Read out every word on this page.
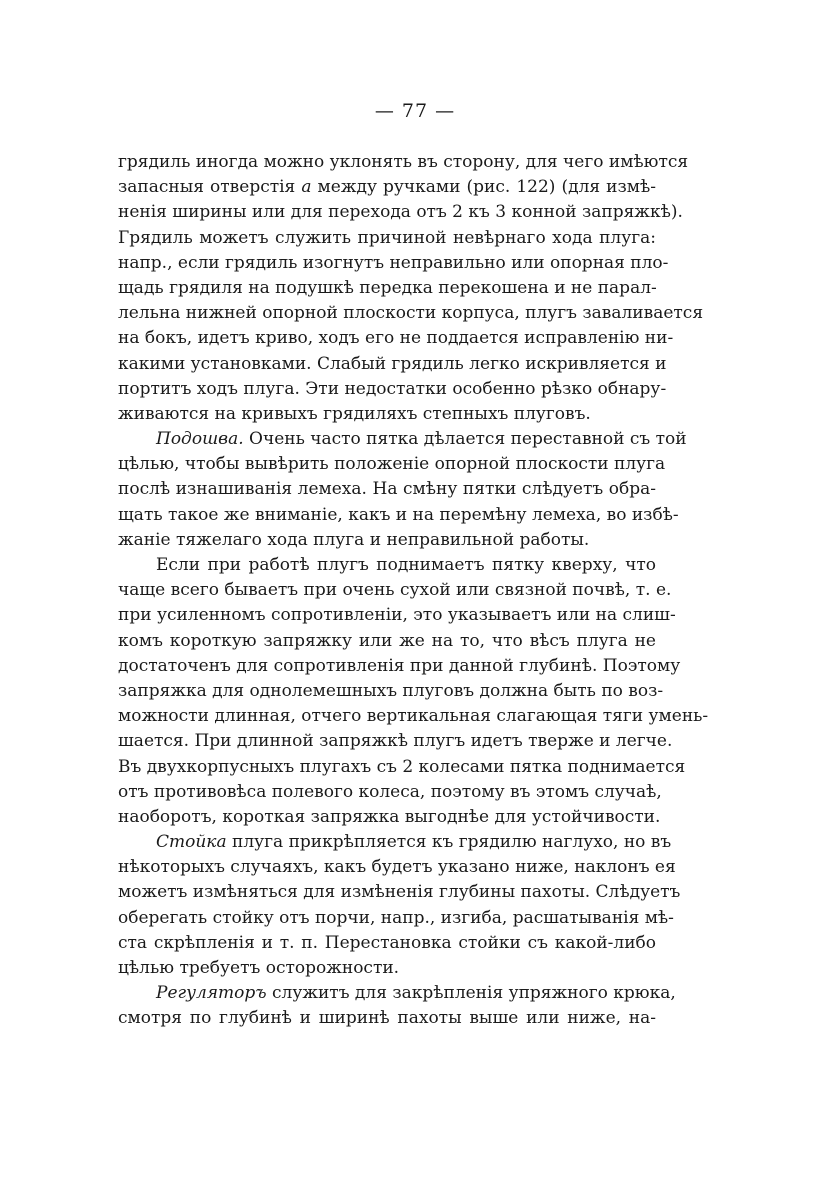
— 77 —
грядиль иногда можно уклонять въ сторону, для чего имѣются
запасныя отверстія а между ручками (рис. 122) (для измѣ-
ненія ширины или для перехода отъ 2 къ 3 конной запряжкѣ).
Грядиль можетъ служить причиной невѣрнаго хода плуга:
напр., если грядиль изогнутъ неправильно или опорная пло-
щадь грядиля на подушкѣ передка перекошена и не парал-
лельна нижней опорной плоскости корпуса, плугъ заваливается
на бокъ, идетъ криво, ходъ его не поддается исправленію ни-
какими установками. Слабый грядиль легко искривляется и
портитъ ходъ плуга. Эти недостатки особенно рѣзко обнару-
живаются на кривыхъ грядиляхъ степныхъ плуговъ.
Подошва. Очень часто пятка дѣлается переставной съ той
цѣлью, чтобы вывѣрить положеніе опорной плоскости плуга
послѣ изнашиванія лемеха. На смѣну пятки слѣдуетъ обра-
щать такое же вниманіе, какъ и на перемѣну лемеха, во избѣ-
жаніе тяжелаго хода плуга и неправильной работы.
Если при работѣ плугъ поднимаетъ пятку кверху, что
чаще всего бываетъ при очень сухой или связной почвѣ, т. е.
при усиленномъ сопротивленіи, это указываетъ или на слиш-
комъ короткую запряжку или же на то, что вѣсъ плуга не
достаточенъ для сопротивленія при данной глубинѣ. Поэтому
запряжка для однолемешныхъ плуговъ должна быть по воз-
можности длинная, отчего вертикальная слагающая тяги умень-
шается. При длинной запряжкѣ плугъ идетъ тверже и легче.
Въ двухкорпусныхъ плугахъ съ 2 колесами пятка поднимается
отъ противовѣса полевого колеса, поэтому въ этомъ случаѣ,
наоборотъ, короткая запряжка выгоднѣе для устойчивости.
Стойка плуга прикрѣпляется къ грядилю наглухо, но въ
нѣкоторыхъ случаяхъ, какъ будетъ указано ниже, наклонъ ея
можетъ измѣняться для измѣненія глубины пахоты. Слѣдуетъ
оберегать стойку отъ порчи, напр., изгиба, расшатыванія мѣ-
ста скрѣпленія и т. п. Перестановка стойки съ какой-либо
цѣлью требуетъ осторожности.
Регуляторъ служитъ для закрѣпленія упряжного крюка,
смотря по глубинѣ и ширинѣ пахоты выше или ниже, на-
